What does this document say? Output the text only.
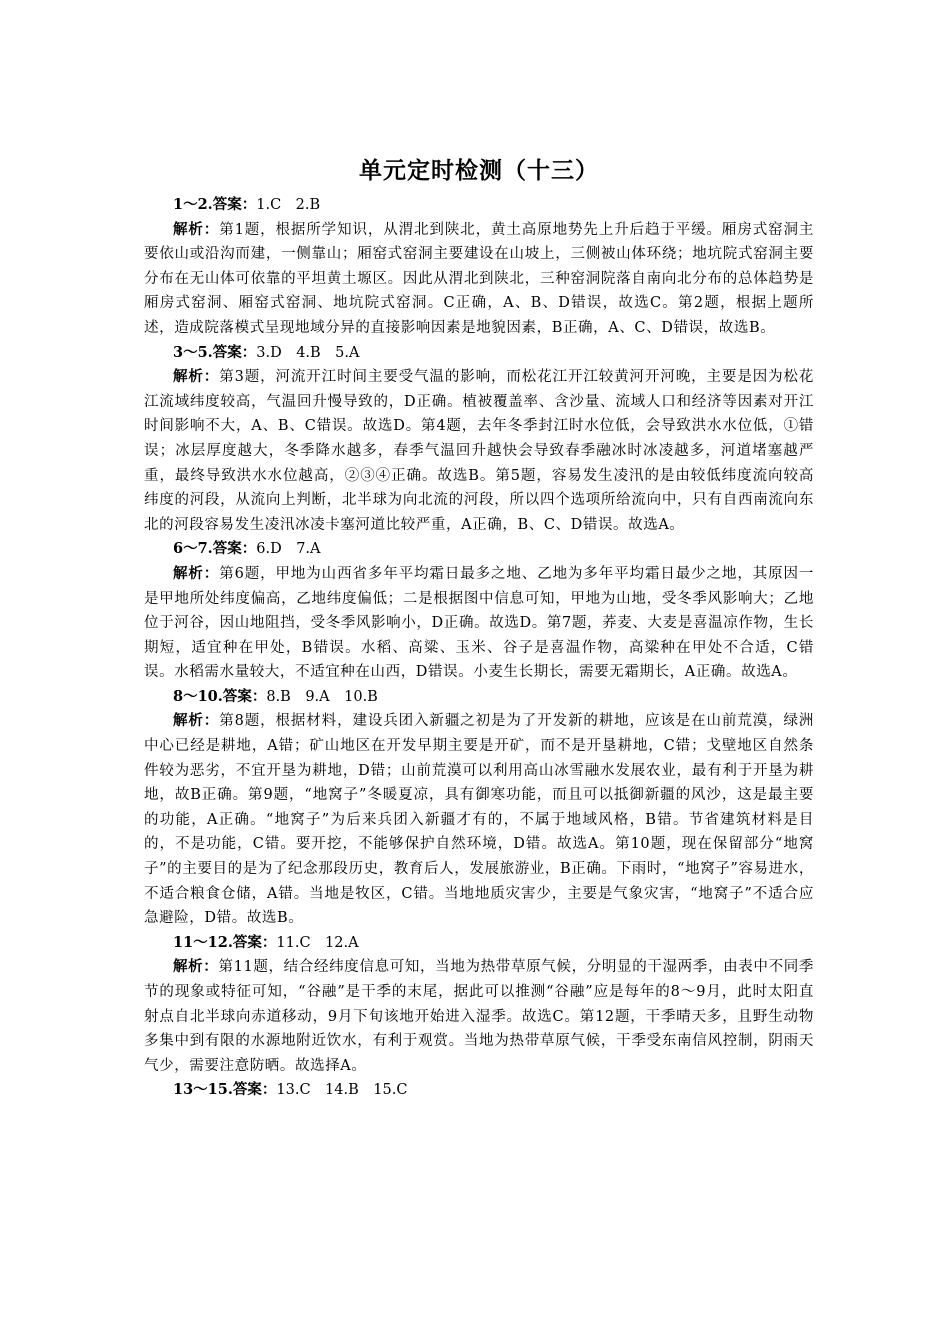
单元定时检测（十三）

1～2.答案：1.C　2.B

解析：第1题，根据所学知识，从渭北到陕北，黄土高原地势先上升后趋于平缓。厢房式窑洞主要依山或沿沟而建，一侧靠山；厢窑式窑洞主要建设在山坡上，三侧被山体环绕；地坑院式窑洞主要分布在无山体可依靠的平坦黄土塬区。因此从渭北到陕北，三种窑洞院落自南向北分布的总体趋势是厢房式窑洞、厢窑式窑洞、地坑院式窑洞。C正确，A、B、D错误，故选C。第2题，根据上题所述，造成院落模式呈现地域分异的直接影响因素是地貌因素，B正确，A、C、D错误，故选B。

3～5.答案：3.D　4.B　5.A

解析：第3题，河流开江时间主要受气温的影响，而松花江开江较黄河开河晚，主要是因为松花江流域纬度较高，气温回升慢导致的，D正确。植被覆盖率、含沙量、流域人口和经济等因素对开江时间影响不大，A、B、C错误。故选D。第4题，去年冬季封江时水位低，会导致洪水水位低，①错误；冰层厚度越大，冬季降水越多，春季气温回升越快会导致春季融冰时冰凌越多，河道堵塞越严重，最终导致洪水水位越高，②③④正确。故选B。第5题，容易发生凌汛的是由较低纬度流向较高纬度的河段，从流向上判断，北半球为向北流的河段，所以四个选项所给流向中，只有自西南流向东北的河段容易发生凌汛冰凌卡塞河道比较严重，A正确，B、C、D错误。故选A。

6～7.答案：6.D　7.A

解析：第6题，甲地为山西省多年平均霜日最多之地、乙地为多年平均霜日最少之地，其原因一是甲地所处纬度偏高，乙地纬度偏低；二是根据图中信息可知，甲地为山地，受冬季风影响大；乙地位于河谷，因山地阻挡，受冬季风影响小，D正确。故选D。第7题，荞麦、大麦是喜温凉作物，生长期短，适宜种在甲处，B错误。水稻、高粱、玉米、谷子是喜温作物，高粱种在甲处不合适，C错误。水稻需水量较大，不适宜种在山西，D错误。小麦生长期长，需要无霜期长，A正确。故选A。

8～10.答案：8.B　9.A　10.B

解析：第8题，根据材料，建设兵团入新疆之初是为了开发新的耕地，应该是在山前荒漠，绿洲中心已经是耕地，A错；矿山地区在开发早期主要是开矿，而不是开垦耕地，C错；戈壁地区自然条件较为恶劣，不宜开垦为耕地，D错；山前荒漠可以利用高山冰雪融水发展农业，最有利于开垦为耕地，故B正确。第9题，“地窝子”冬暖夏凉，具有御寒功能，而且可以抵御新疆的风沙，这是最主要的功能，A正确。“地窝子”为后来兵团入新疆才有的，不属于地域风格，B错。节省建筑材料是目的，不是功能，C错。要开挖，不能够保护自然环境，D错。故选A。第10题，现在保留部分“地窝子”的主要目的是为了纪念那段历史，教育后人，发展旅游业，B正确。下雨时，“地窝子”容易进水，不适合粮食仓储，A错。当地是牧区，C错。当地地质灾害少，主要是气象灾害，“地窝子”不适合应急避险，D错。故选B。

11～12.答案：11.C　12.A

解析：第11题，结合经纬度信息可知，当地为热带草原气候，分明显的干湿两季，由表中不同季节的现象或特征可知，“谷融”是干季的末尾，据此可以推测“谷融”应是每年的8～9月，此时太阳直射点自北半球向赤道移动，9月下旬该地开始进入湿季。故选C。第12题，干季晴天多，且野生动物多集中到有限的水源地附近饮水，有利于观赏。当地为热带草原气候，干季受东南信风控制，阴雨天气少，需要注意防晒。故选择A。

13～15.答案：13.C　14.B　15.C
